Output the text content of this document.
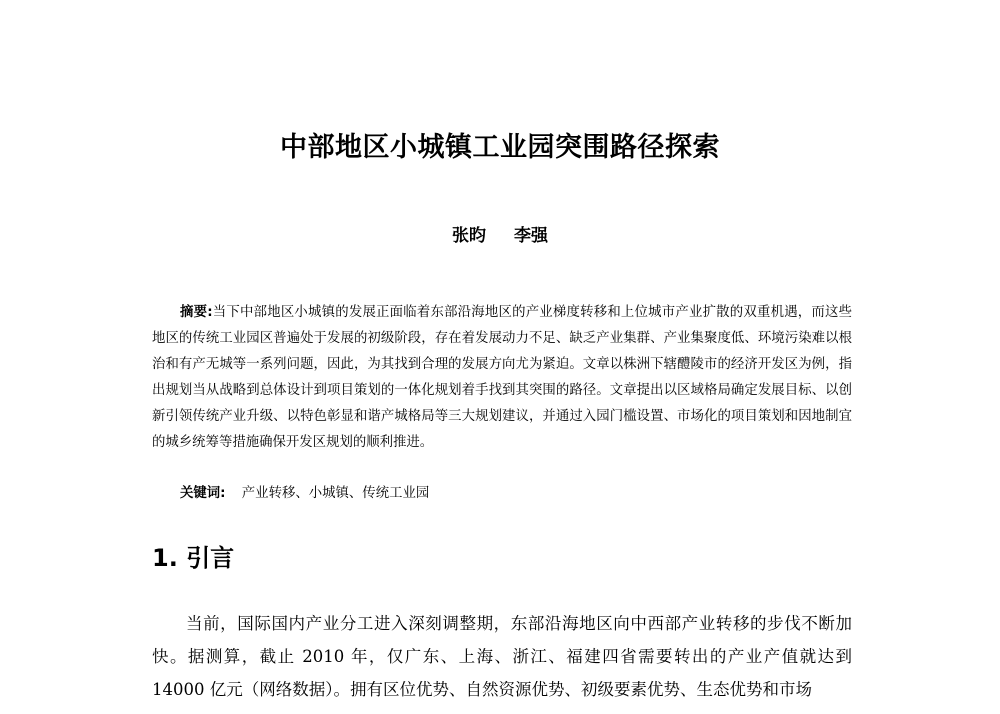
中部地区小城镇工业园突围路径探索
张昀 李强
摘要:当下中部地区小城镇的发展正面临着东部沿海地区的产业梯度转移和上位城市产业扩散的双重机遇，而这些地区的传统工业园区普遍处于发展的初级阶段，存在着发展动力不足、缺乏产业集群、产业集聚度低、环境污染难以根治和有产无城等一系列问题，因此，为其找到合理的发展方向尤为紧迫。文章以株洲下辖醴陵市的经济开发区为例，指出规划当从战略到总体设计到项目策划的一体化规划着手找到其突围的路径。文章提出以区域格局确定发展目标、以创新引领传统产业升级、以特色彰显和谐产城格局等三大规划建议，并通过入园门槛设置、市场化的项目策划和因地制宜的城乡统筹等措施确保开发区规划的顺利推进。
关键词: 产业转移、小城镇、传统工业园
1. 引言
当前，国际国内产业分工进入深刻调整期，东部沿海地区向中西部产业转移的步伐不断加快。据测算，截止 2010 年，仅广东、上海、浙江、福建四省需要转出的产业产值就达到 14000 亿元（网络数据）。拥有区位优势、自然资源优势、初级要素优势、生态优势和市场
